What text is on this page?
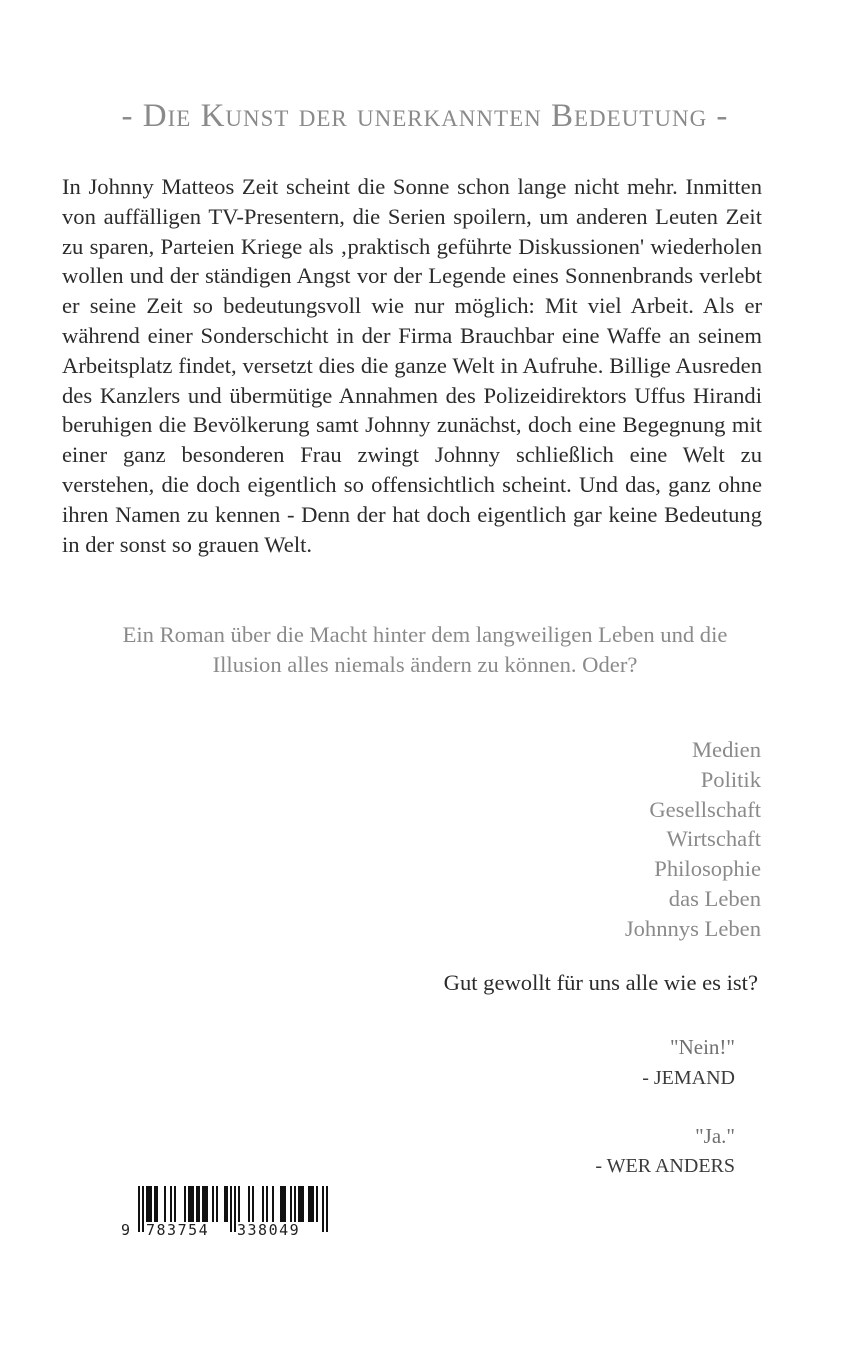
- Die Kunst der unerkannten Bedeutung -

In Johnny Matteos Zeit scheint die Sonne schon lange nicht mehr. Inmitten von auffälligen TV-Presentern, die Serien spoilern, um anderen Leuten Zeit zu sparen, Parteien Kriege als ‚praktisch geführte Diskussionen' wiederholen wollen und der ständigen Angst vor der Legende eines Sonnenbrands verlebt er seine Zeit so bedeutungsvoll wie nur möglich: Mit viel Arbeit. Als er während einer Sonderschicht in der Firma Brauchbar eine Waffe an seinem Arbeitsplatz findet, versetzt dies die ganze Welt in Aufruhe. Billige Ausreden des Kanzlers und übermütige Annahmen des Polizeidirektors Uffus Hirandi beruhigen die Bevölkerung samt Johnny zunächst, doch eine Begegnung mit einer ganz besonderen Frau zwingt Johnny schließlich eine Welt zu verstehen, die doch eigentlich so offensichtlich scheint. Und das, ganz ohne ihren Namen zu kennen - Denn der hat doch eigentlich gar keine Bedeutung in der sonst so grauen Welt.

Ein Roman über die Macht hinter dem langweiligen Leben und die
Illusion alles niemals ändern zu können. Oder?
Medien
Politik
Gesellschaft
Wirtschaft
Philosophie
das Leben
Johnnys Leben

Gut gewollt für uns alle wie es ist?

"Nein!"

- JEMAND

"Ja."

- WER ANDERS

9 783754 338049
